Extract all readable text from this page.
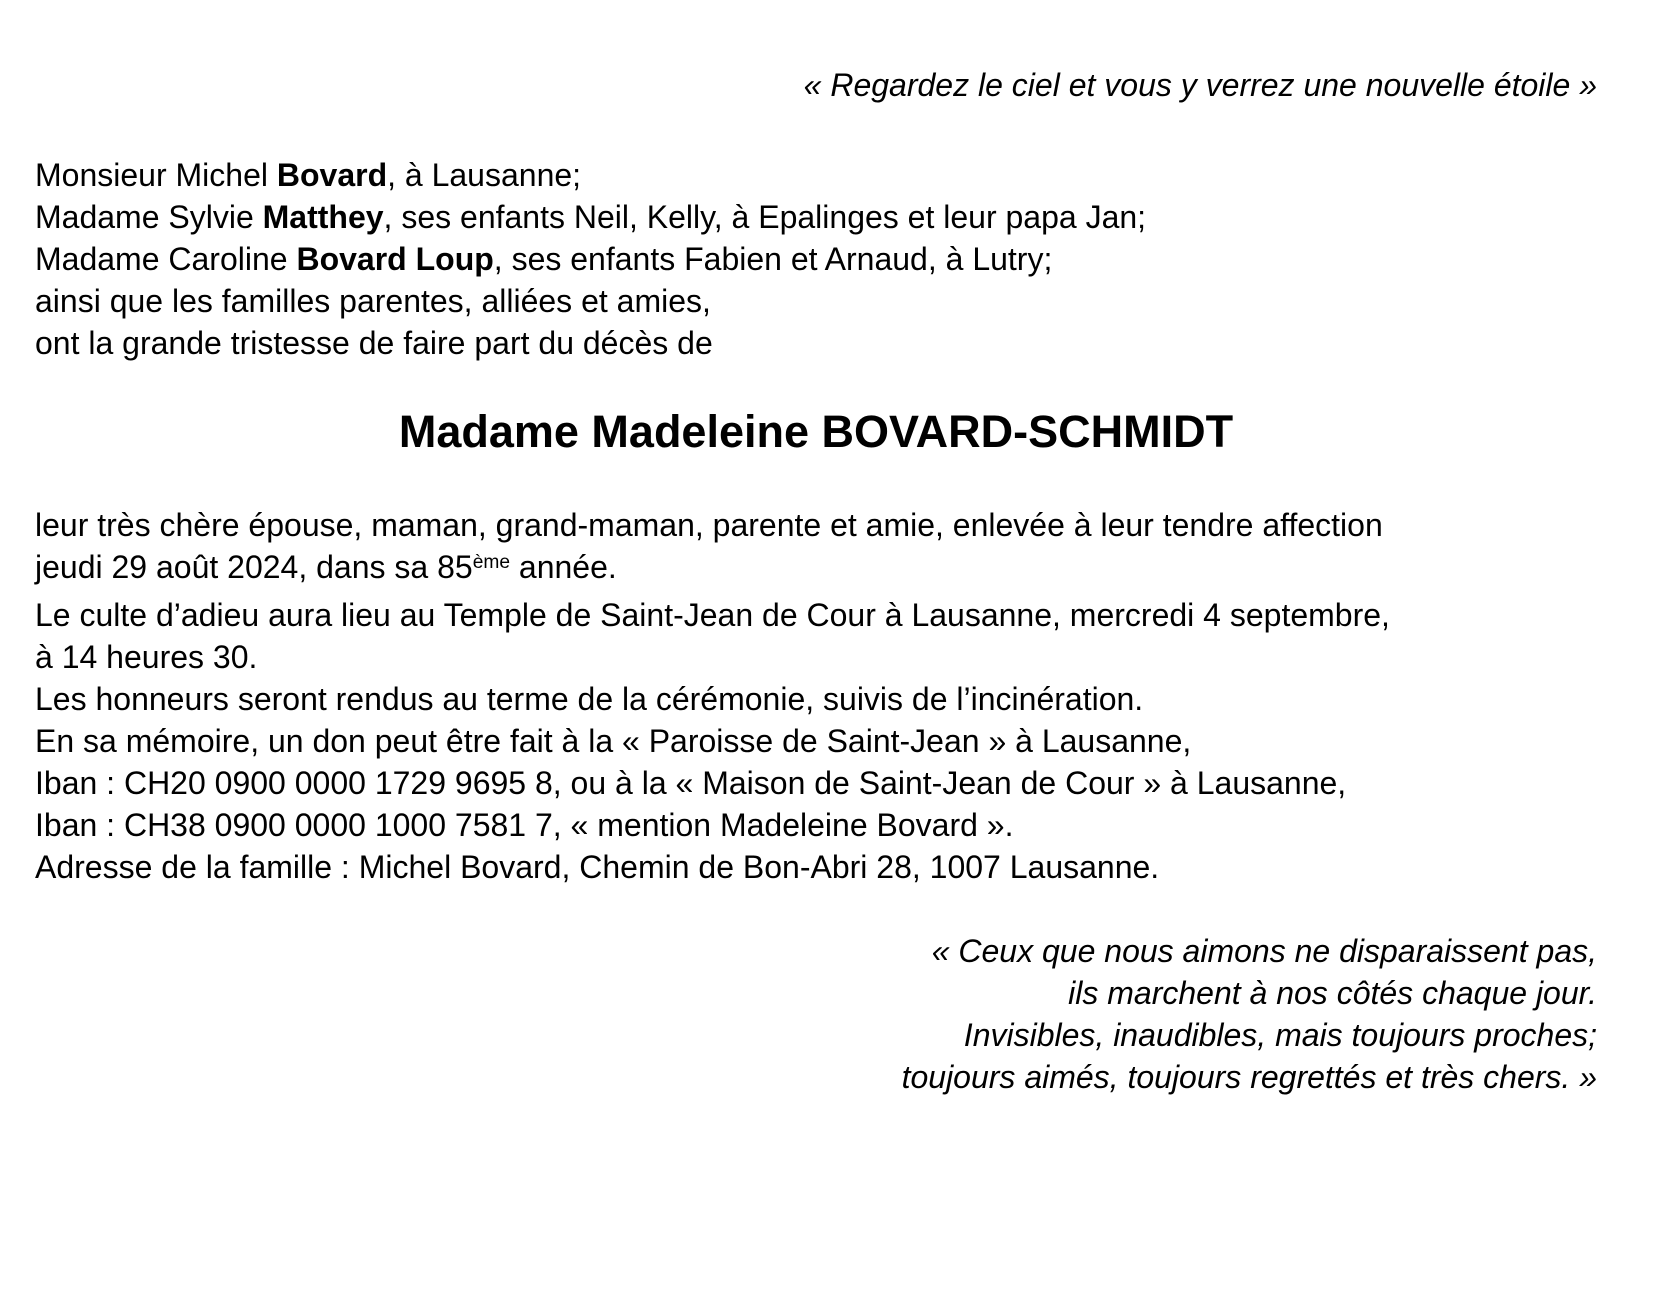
« Regardez le ciel et vous y verrez une nouvelle étoile »
Monsieur Michel Bovard, à Lausanne;
Madame Sylvie Matthey, ses enfants Neil, Kelly, à Epalinges et leur papa Jan;
Madame Caroline Bovard Loup, ses enfants Fabien et Arnaud, à Lutry;
ainsi que les familles parentes, alliées et amies,
ont la grande tristesse de faire part du décès de
Madame Madeleine BOVARD-SCHMIDT
leur très chère épouse, maman, grand-maman, parente et amie, enlevée à leur tendre affection
jeudi 29 août 2024, dans sa 85ème année.
Le culte d’adieu aura lieu au Temple de Saint-Jean de Cour à Lausanne, mercredi 4 septembre,
à 14 heures 30.
Les honneurs seront rendus au terme de la cérémonie, suivis de l’incinération.
En sa mémoire, un don peut être fait à la « Paroisse de Saint-Jean » à Lausanne,
Iban : CH20 0900 0000 1729 9695 8, ou à la « Maison de Saint-Jean de Cour » à Lausanne,
Iban : CH38 0900 0000 1000 7581 7, « mention Madeleine Bovard ».
Adresse de la famille : Michel Bovard, Chemin de Bon-Abri 28, 1007 Lausanne.
« Ceux que nous aimons ne disparaissent pas,
ils marchent à nos côtés chaque jour.
Invisibles, inaudibles, mais toujours proches;
toujours aimés, toujours regrettés et très chers. »
